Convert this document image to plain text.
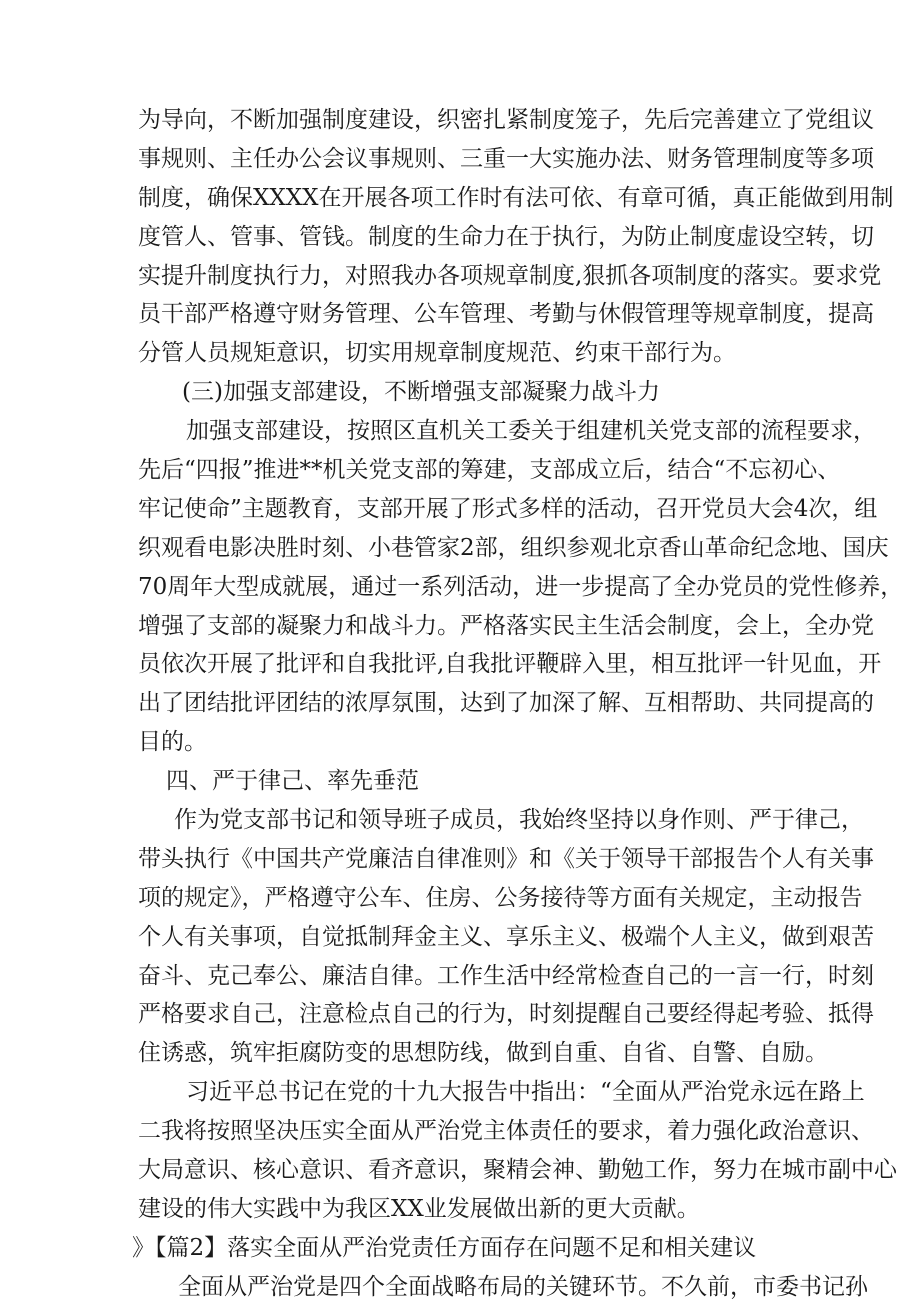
为导向，不断加强制度建设，织密扎紧制度笼子，先后完善建立了党组议
事规则、主任办公会议事规则、三重一大实施办法、财务管理制度等多项
制度，确保XXXX在开展各项工作时有法可依、有章可循，真正能做到用制
度管人、管事、管钱。制度的生命力在于执行，为防止制度虚设空转，切
实提升制度执行力，对照我办各项规章制度,狠抓各项制度的落实。要求党
员干部严格遵守财务管理、公车管理、考勤与休假管理等规章制度，提高
分管人员规矩意识，切实用规章制度规范、约束干部行为。
(三)加强支部建设，不断增强支部凝聚力战斗力
加强支部建设，按照区直机关工委关于组建机关党支部的流程要求，
先后“四报”推进**机关党支部的筹建，支部成立后，结合“不忘初心、
牢记使命”主题教育，支部开展了形式多样的活动，召开党员大会4次，组
织观看电影决胜时刻、小巷管家2部，组织参观北京香山革命纪念地、国庆
70周年大型成就展，通过一系列活动，进一步提高了全办党员的党性修养，
增强了支部的凝聚力和战斗力。严格落实民主生活会制度，会上，全办党
员依次开展了批评和自我批评,自我批评鞭辟入里，相互批评一针见血，开
出了团结批评团结的浓厚氛围，达到了加深了解、互相帮助、共同提高的
目的。
四、严于律己、率先垂范
作为党支部书记和领导班子成员，我始终坚持以身作则、严于律己，
带头执行《中国共产党廉洁自律准则》和《关于领导干部报告个人有关事
项的规定》，严格遵守公车、住房、公务接待等方面有关规定，主动报告
个人有关事项，自觉抵制拜金主义、享乐主义、极端个人主义，做到艰苦
奋斗、克己奉公、廉洁自律。工作生活中经常检查自己的一言一行，时刻
严格要求自己，注意检点自己的行为，时刻提醒自己要经得起考验、抵得
住诱惑，筑牢拒腐防变的思想防线，做到自重、自省、自警、自励。
习近平总书记在党的十九大报告中指出：“全面从严治党永远在路上
二我将按照坚决压实全面从严治党主体责任的要求，着力强化政治意识、
大局意识、核心意识、看齐意识，聚精会神、勤勉工作，努力在城市副中心
建设的伟大实践中为我区XX业发展做出新的更大贡献。
》【篇2】落实全面从严治党责任方面存在问题不足和相关建议
全面从严治党是四个全面战略布局的关键环节。不久前，市委书记孙
